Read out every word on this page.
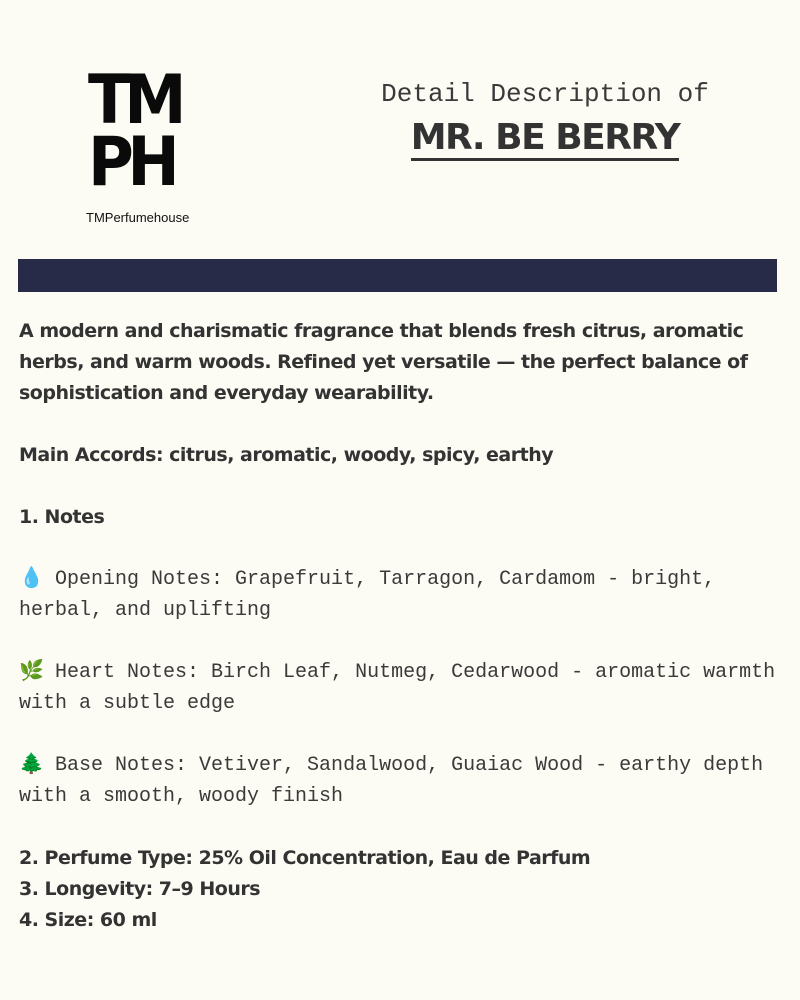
TM
PH
TMPerfumehouse
Detail Description of
MR. BE BERRY

A modern and charismatic fragrance that blends fresh citrus, aromatic herbs, and warm woods. Refined yet versatile — the perfect balance of sophistication and everyday wearability.

Main Accords: citrus, aromatic, woody, spicy, earthy

1. Notes

💧 Opening Notes: Grapefruit, Tarragon, Cardamom - bright, herbal, and uplifting

🌿 Heart Notes: Birch Leaf, Nutmeg, Cedarwood - aromatic warmth with a subtle edge

🌲 Base Notes: Vetiver, Sandalwood, Guaiac Wood - earthy depth with a smooth, woody finish

2. Perfume Type: 25% Oil Concentration, Eau de Parfum

3. Longevity: 7–9 Hours

4. Size: 60 ml
